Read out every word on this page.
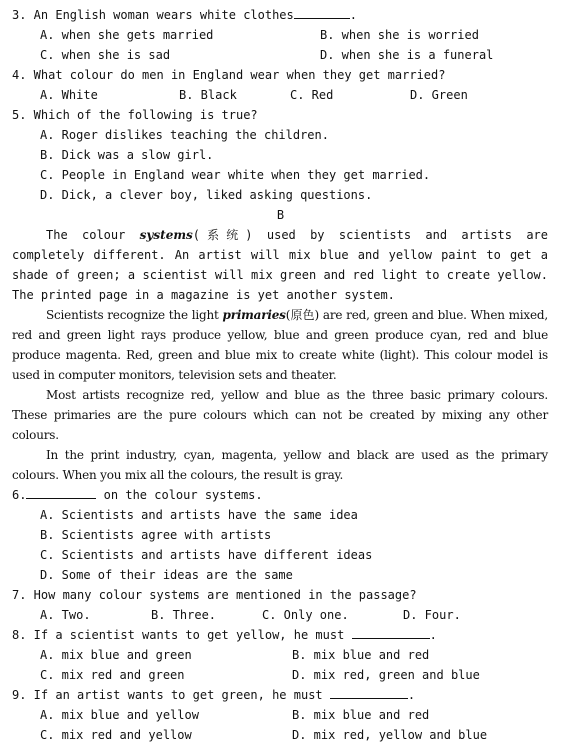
3. An English woman wears white clothes	.
A. when she gets married	B. when she is worried
C. when she is sad	D. when she is a funeral
4. What colour do men in England wear when they get married?
A. White	B. Black	C. Red	D. Green
5. Which of the following is true?
A. Roger dislikes teaching the children.
B. Dick was a slow girl.
C. People in England wear white when they get married.
D. Dick, a clever boy, liked asking questions.
B
The colour systems(系统) used by scientists and artists are completely different. An artist will mix blue and yellow paint to get a shade of green; a scientist will mix green and red light to create yellow. The printed page in a magazine is yet another system.
Scientists recognize the light primaries(原色) are red, green and blue. When mixed, red and green light rays produce yellow, blue and green produce cyan, red and blue produce magenta. Red, green and blue mix to create white (light). This colour model is used in computer monitors, television sets and theater.
Most artists recognize red, yellow and blue as the three basic primary colours. These primaries are the pure colours which can not be created by mixing any other colours.
In the print industry, cyan, magenta, yellow and black are used as the primary colours. When you mix all the colours, the result is gray.
6.	on the colour systems.
A. Scientists and artists have the same idea
B. Scientists agree with artists
C. Scientists and artists have different ideas
D. Some of their ideas are the same
7. How many colour systems are mentioned in the passage?
A. Two.	B. Three.	C. Only one.	D. Four.
8. If a scientist wants to get yellow, he must	.
A. mix blue and green	B. mix blue and red
C. mix red and green	D. mix red, green and blue
9. If an artist wants to get green, he must	.
A. mix blue and yellow	B. mix blue and red
C. mix red and yellow	D. mix red, yellow and blue
